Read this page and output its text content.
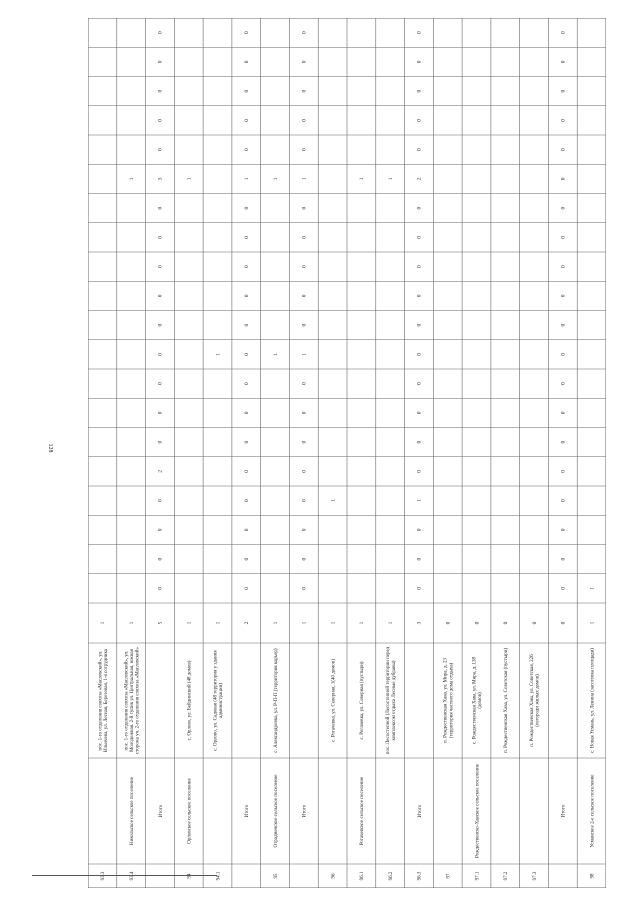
128
93.3
пос. 1-го отделения совхоза «Масловский», ул.Ильичева, ул. Лесная, Березовая, 1-я сотрудника
1
93.4
Никольское сельское поселение
пос. 1-го отделения совхоза «Масловский», ул.Молодежная. 2-й тупик ул. Центральная, южнаясторона уч. 2-го отделения совхоза «Масловский»
1
1
Итого
5
0
0
0
0
2
0
0
0
0
0
0
0
0
0
3
0
0
0
0
0
94
Орловское сельское поселение
с. Орлово, ул. Бейдинский (48 домов)
1
1
94.1
с. Орлово, ул. Садовая (48 территория у зданияадминистрации)
1
1
Итого
2
0
0
0
0
0
0
0
0
0
0
0
0
0
0
1
0
0
0
0
0
95
Отрадненское сельское поселение
с. Александровка, ул. Р-П-П (территория карьер)
1
1
1
Итого
1
0
0
0
0
0
0
0
0
1
0
0
0
0
0
1
0
0
0
0
0
96
с. Рогачевка, ул. Северная, 1(40 домов)
1
1
96.1
Рогачевское сельское поселение
с. Рогачевка, ул. Северная (пустыри)
1
1
96.2
пос. Лесостепной (Лесостепной территории передкомплексом отдыха Лесные дубравы)
1
1
96.3
Итого
3
0
0
0
1
0
0
0
0
0
0
0
0
0
0
2
0
0
0
0
0
97
п. Рождественская Хава, ул. Мира, д. 23(территория частного дома отдыха)
0
97.1
Рождественско-Хавское сельское поселение
с. Рождественская Хава, ул. Мира, д. 138(домов)
0
97.2
п. Рождественская Хава, ул. Советская (пустыри)
0
97.3
п. Рождественская Хава, ул. Советская, 226(изгороди жилых домов)
0
Итого
0
0
0
0
0
0
0
0
0
0
0
0
0
0
0
0
0
0
0
0
0
98
Усманское 2-е сельское поселение
с. Новая Усмань, ул. Ленина (заготовка площади)
1
1
